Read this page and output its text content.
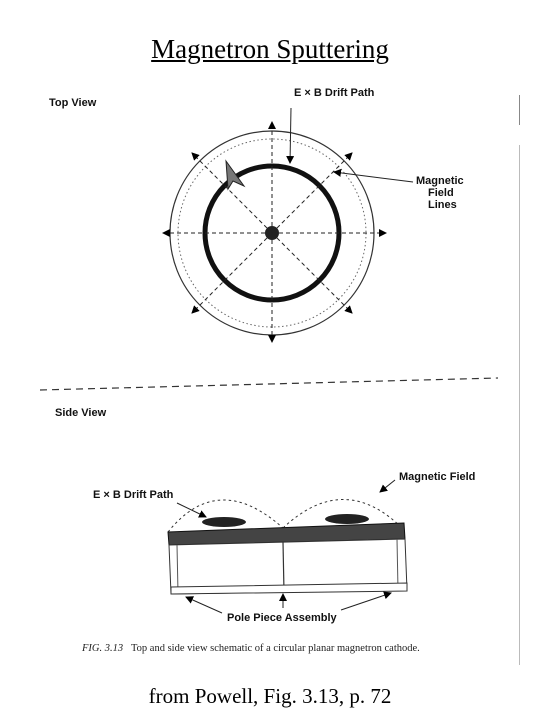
Magnetron Sputtering
Top View
E × B Drift Path
Magnetic
Field
Lines
Side View
Magnetic Field
E × B Drift Path
Pole Piece Assembly
FIG. 3.13 Top and side view schematic of a circular planar magnetron cathode.
from Powell, Fig. 3.13, p. 72
